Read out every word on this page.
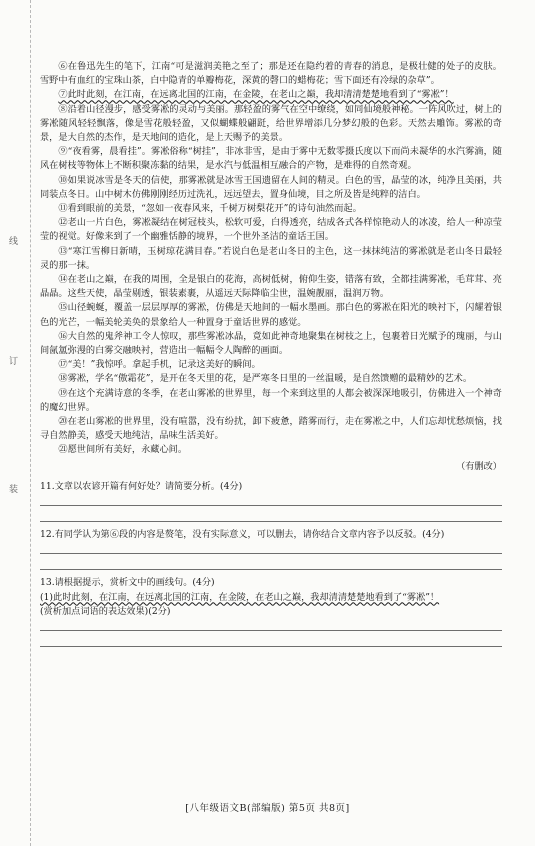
线
订
装

⑥在鲁迅先生的笔下，江南“可是滋润美艳之至了；那是还在隐约着的青春的消息，是极壮健的处子的皮肤。雪野中有血红的宝珠山茶，白中隐青的单瓣梅花，深黄的磬口的蜡梅花；雪下面还有冷绿的杂草”。

⑦此时此刻，在江南，在远离北国的江南，在金陵，在老山之巅，我却清清楚楚地看到了“雾凇”！

⑧沿着山径漫步，感受雾凇的灵动与美丽。那轻盈的雾气在空中缭绕，如同仙境般神秘。一阵风吹过，树上的雾凇随风轻轻飘落，像是雪花般轻盈，又似蝴蝶般翩跹，给世界增添几分梦幻般的色彩。天然去雕饰。雾凇的奇景，是大自然的杰作，是天地间的造化，是上天赐予的美景。

⑨“夜看雾，晨看挂”。雾凇俗称“树挂”，非冰非雪，是由于雾中无数零摄氏度以下而尚未凝华的水汽雾滴，随风在树枝等物体上不断积聚冻黏的结果，是水汽与低温相互融合的产物，是难得的自然奇观。

⑩如果说冰雪是冬天的信使，那雾凇就是冰雪王国遗留在人间的精灵。白色的雪，晶莹的冰，纯净且美丽，共同装点冬日。山中树木仿佛刚刚经历过洗礼，远远望去，置身仙境，目之所及皆是纯粹的洁白。

⑪看到眼前的美景，“忽如一夜春风来，千树万树梨花开”的诗句油然而起。

⑫老山一片白色，雾凇凝结在树冠枝头，松软可爱，白得透亮，结成各式各样惊艳动人的冰凌，给人一种凉莹莹的视觉。好像来到了一个幽雅恬静的境界，一个世外圣洁的童话王国。

⑬“寒江雪柳日新晴，玉树琼花满目春。”若说白色是老山冬日的主色，这一抹抹纯洁的雾凇就是老山冬日最轻灵的那一抹。

⑭在老山之巅，在我的周围，全是银白的花海，高树低树，俯仰生姿，错落有致，全都挂满雾凇，毛茸茸、亮晶晶。这些天使，晶莹剔透，银装素裹，从遥远天际降临尘世，温婉靓丽，温润万物。

⑮山径蜿蜒，覆盖一层层厚厚的雾凇，仿佛是天地间的一幅水墨画。那白色的雾凇在阳光的映衬下，闪耀着银色的光芒，一幅美轮美奂的景象给人一种置身于童话世界的感觉。

⑯大自然的鬼斧神工令人惊叹，那些雾凇冰晶，竟如此神奇地聚集在树枝之上，包裹着日光赋予的瑰丽，与山间氤氲弥漫的白雾交融映衬，营造出一幅幅令人陶醉的画面。

⑰“美！”我惊呼。拿起手机，记录这美好的瞬间。

⑱雾凇，学名“傲霜花”，是开在冬天里的花，是严寒冬日里的一丝温暖，是自然馈赠的最精妙的艺术。

⑲在这个充满诗意的冬季，在老山雾凇的世界里，每一个来到这里的人都会被深深地吸引，仿佛进入一个神奇的魔幻世界。

⑳在老山雾凇的世界里，没有喧嚣，没有纷扰，卸下疲惫，踏雾而行，走在雾凇之中，人们忘却忧愁烦恼，找寻自然静美，感受天地纯洁，品味生活美好。

㉑愿世间所有美好，永藏心间。

（有删改）

11.文章以农谚开篇有何好处？请简要分析。(4分)

12.有同学认为第⑥段的内容是赘笔，没有实际意义，可以删去，请你结合文章内容予以反驳。(4分)

13.请根据提示，赏析文中的画线句。(4分)

(1)此时此刻，在江南，在远离北国的江南，在金陵，在老山之巅，我却清清楚楚地看到了“雾凇”！

(赏析加点词语的表达效果)(2分)

[八年级语文B(部编版) 第5页 共8页]
